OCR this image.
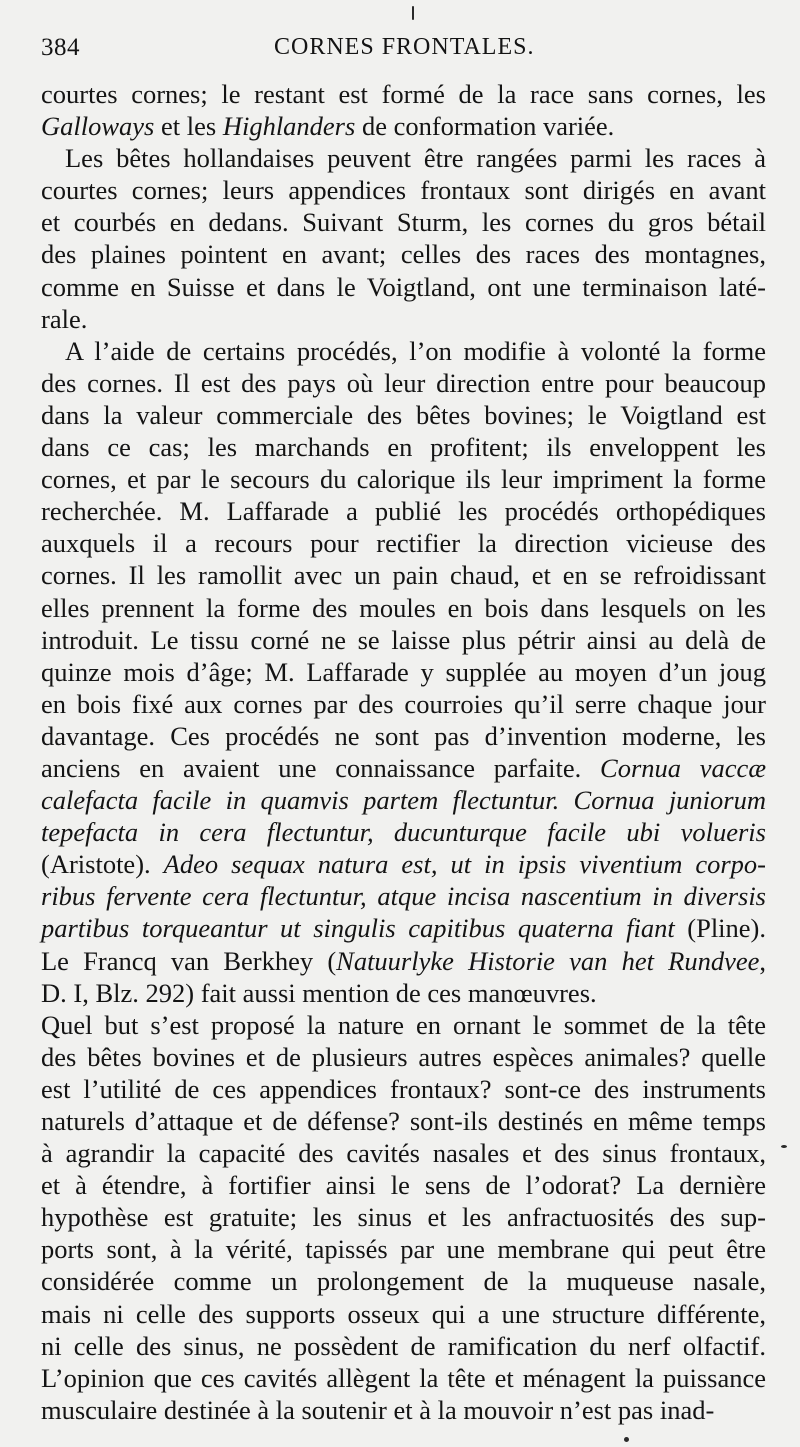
384	CORNES FRONTALES.
courtes cornes; le restant est formé de la race sans cornes, les
Galloways et les Highlanders de conformation variée.
Les bêtes hollandaises peuvent être rangées parmi les races à
courtes cornes; leurs appendices frontaux sont dirigés en avant
et courbés en dedans. Suivant Sturm, les cornes du gros bétail
des plaines pointent en avant; celles des races des montagnes,
comme en Suisse et dans le Voigtland, ont une terminaison laté-
rale.
A l’aide de certains procédés, l’on modifie à volonté la forme
des cornes. Il est des pays où leur direction entre pour beaucoup
dans la valeur commerciale des bêtes bovines; le Voigtland est
dans ce cas; les marchands en profitent; ils enveloppent les
cornes, et par le secours du calorique ils leur impriment la forme
recherchée. M. Laffarade a publié les procédés orthopédiques
auxquels il a recours pour rectifier la direction vicieuse des
cornes. Il les ramollit avec un pain chaud, et en se refroidissant
elles prennent la forme des moules en bois dans lesquels on les
introduit. Le tissu corné ne se laisse plus pétrir ainsi au delà de
quinze mois d’âge; M. Laffarade y supplée au moyen d’un joug
en bois fixé aux cornes par des courroies qu’il serre chaque jour
davantage. Ces procédés ne sont pas d’invention moderne, les
anciens en avaient une connaissance parfaite. Cornua vaccæ
calefacta facile in quamvis partem flectuntur. Cornua juniorum
tepefacta in cera flectuntur, ducunturque facile ubi volueris
(Aristote). Adeo sequax natura est, ut in ipsis viventium corpo-
ribus fervente cera flectuntur, atque incisa nascentium in diversis
partibus torqueantur ut singulis capitibus quaterna fiant (Pline).
Le Francq van Berkhey (Natuurlyke Historie van het Rundvee,
D. I, Blz. 292) fait aussi mention de ces manœuvres.
Quel but s’est proposé la nature en ornant le sommet de la tête
des bêtes bovines et de plusieurs autres espèces animales? quelle
est l’utilité de ces appendices frontaux? sont-ce des instruments
naturels d’attaque et de défense? sont-ils destinés en même temps
à agrandir la capacité des cavités nasales et des sinus frontaux,
et à étendre, à fortifier ainsi le sens de l’odorat? La dernière
hypothèse est gratuite; les sinus et les anfractuosités des sup-
ports sont, à la vérité, tapissés par une membrane qui peut être
considérée comme un prolongement de la muqueuse nasale,
mais ni celle des supports osseux qui a une structure différente,
ni celle des sinus, ne possèdent de ramification du nerf olfactif.
L’opinion que ces cavités allègent la tête et ménagent la puissance
musculaire destinée à la soutenir et à la mouvoir n’est pas inad-
